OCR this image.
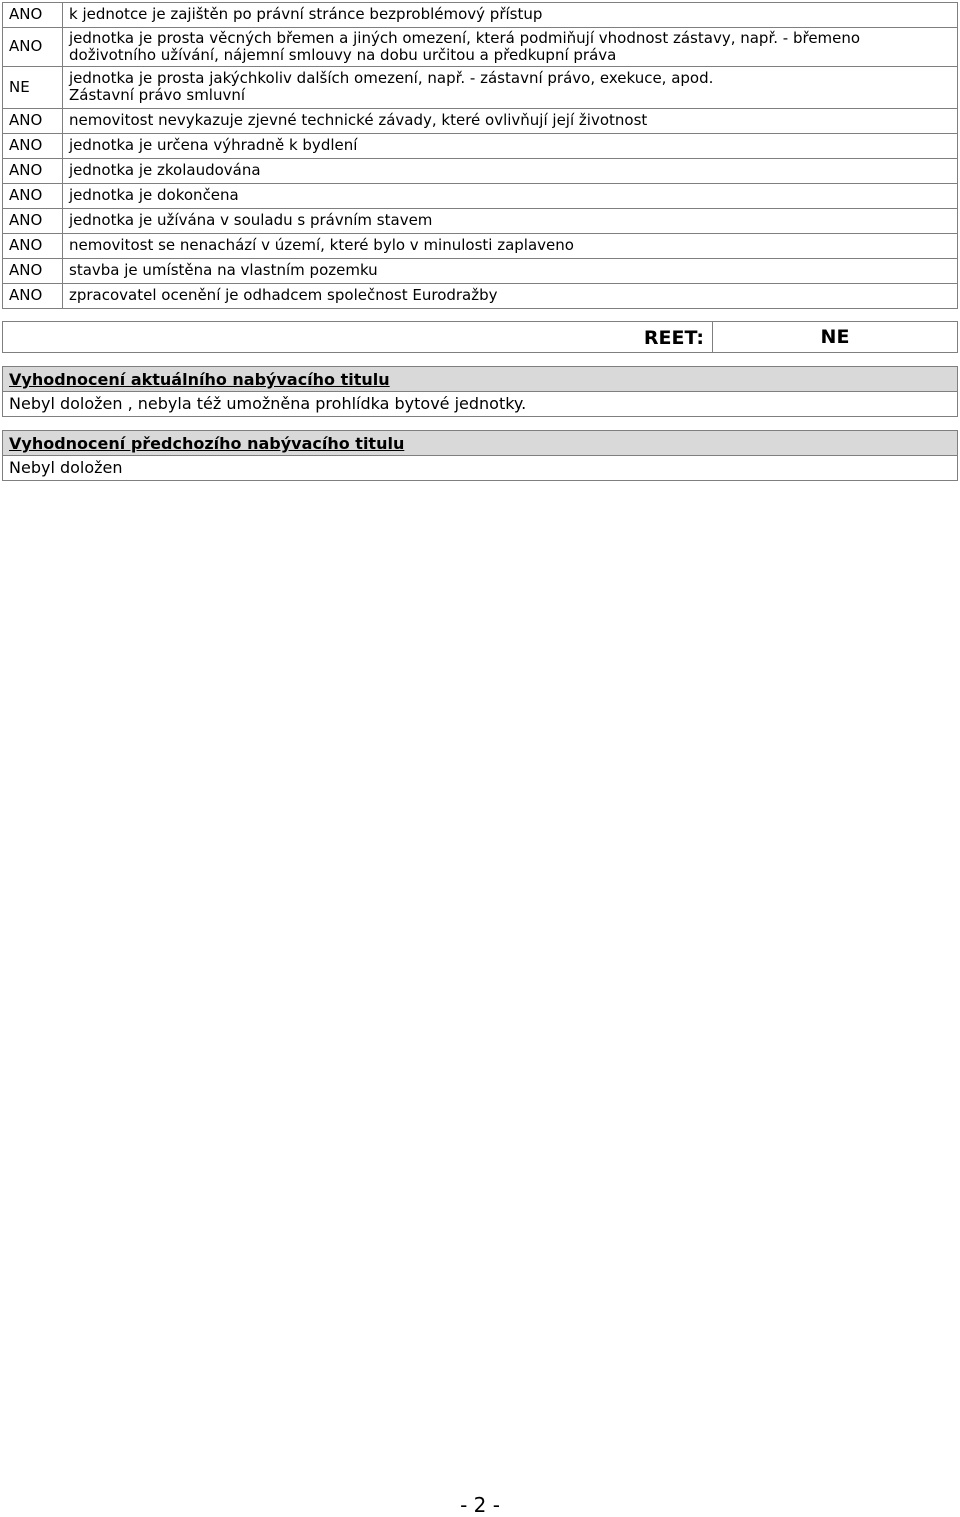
ANO	k jednotce je zajištěn po právní stránce bezproblémový přístup
ANO	jednotka je prosta věcných břemen a jiných omezení, která podmiňují vhodnost zástavy, např. - břemeno doživotního užívání, nájemní smlouvy na dobu určitou a předkupní práva
NE	jednotka je prosta jakýchkoliv dalších omezení, např. - zástavní právo, exekuce, apod.
Zástavní právo smluvní

ANO	nemovitost nevykazuje zjevné technické závady, které ovlivňují její životnost
ANO	jednotka je určena výhradně k bydlení
ANO	jednotka je zkolaudována
ANO	jednotka je dokončena
ANO	jednotka je užívána v souladu s právním stavem
ANO	nemovitost se nenachází v území, které bylo v minulosti zaplaveno
ANO	stavba je umístěna na vlastním pozemku
ANO	zpracovatel ocenění je odhadcem společnost Eurodražby
REET:	NE
Vyhodnocení aktuálního nabývacího titulu
Nebyl doložen , nebyla též umožněna prohlídka bytové jednotky.
Vyhodnocení předchozího nabývacího titulu
Nebyl doložen
- 2 -
